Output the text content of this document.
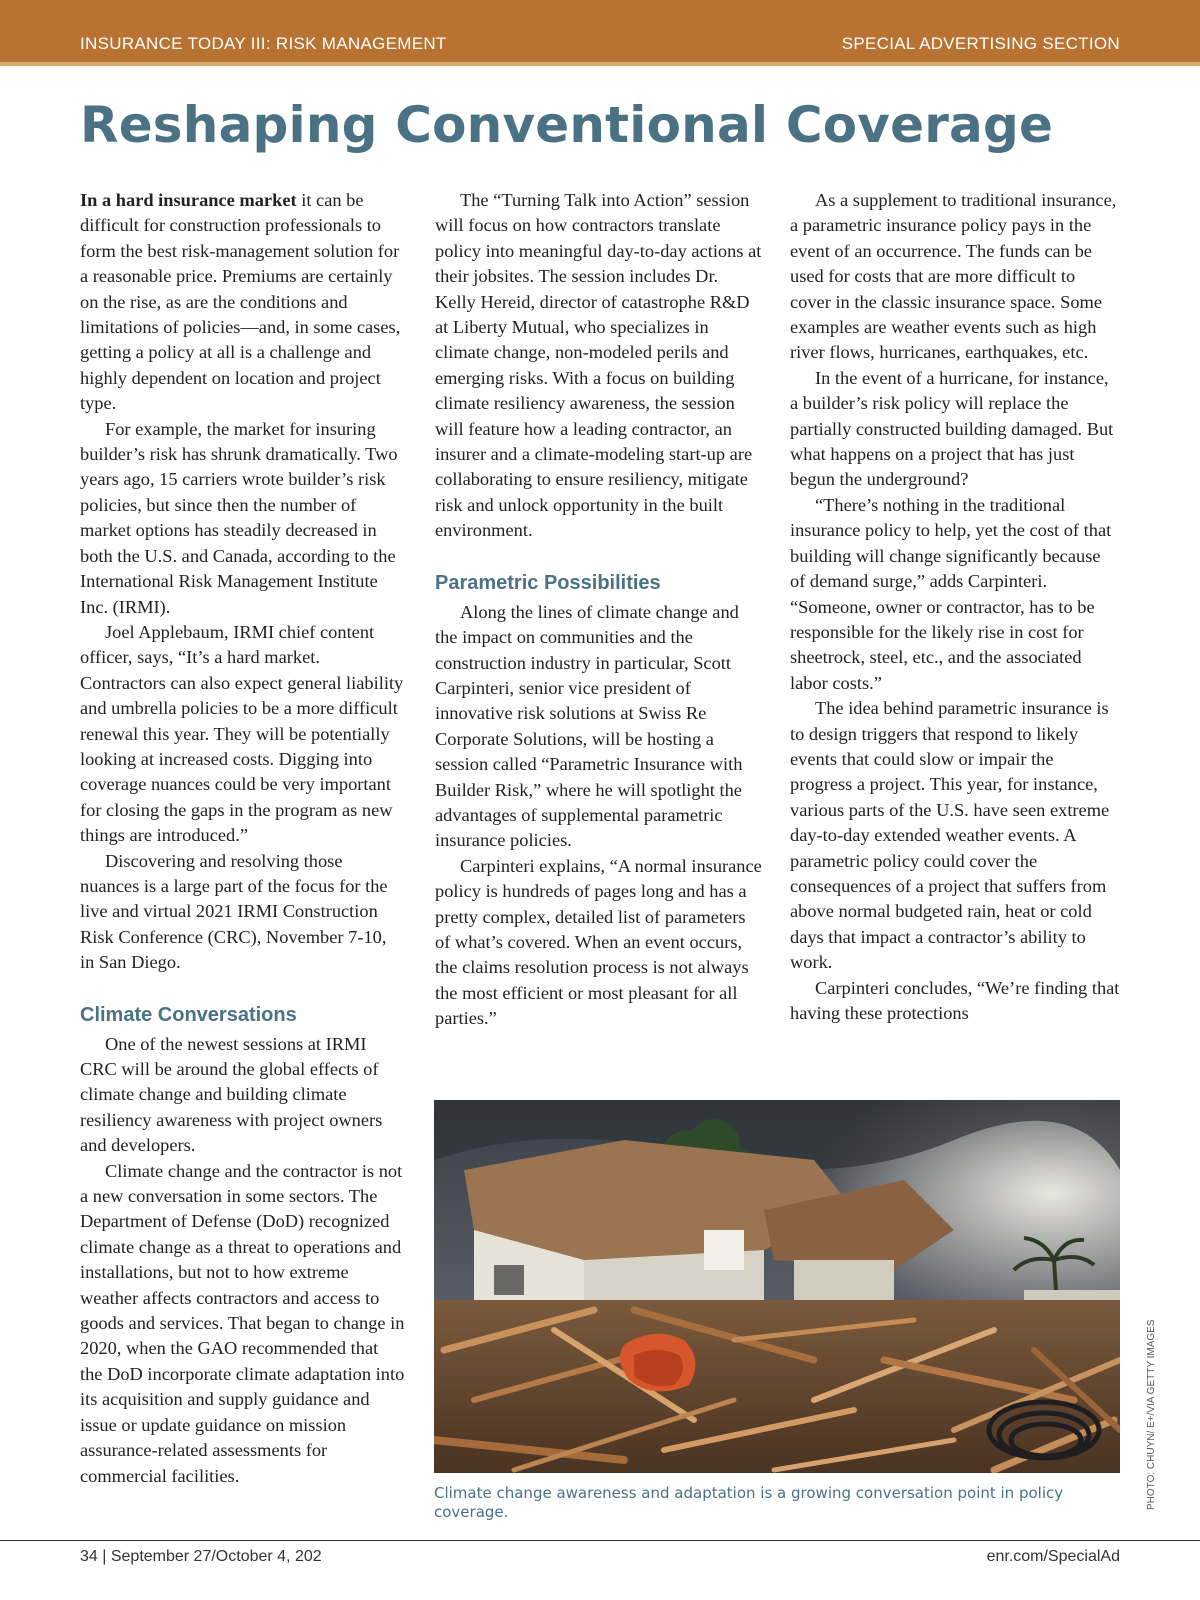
INSURANCE TODAY III: RISK MANAGEMENT	SPECIAL ADVERTISING SECTION
Reshaping Conventional Coverage

In a hard insurance market it can be difficult for construction professionals to form the best risk-management solution for a reasonable price. Premiums are certainly on the rise, as are the conditions and limitations of policies—and, in some cases, getting a policy at all is a challenge and highly dependent on location and project type.

For example, the market for insuring builder’s risk has shrunk dramatically. Two years ago, 15 carriers wrote builder’s risk policies, but since then the number of market options has steadily decreased in both the U.S. and Canada, according to the International Risk Management Institute Inc. (IRMI).

Joel Applebaum, IRMI chief content officer, says, “It’s a hard market. Contractors can also expect general liability and umbrella policies to be a more difficult renewal this year. They will be potentially looking at increased costs. Digging into coverage nuances could be very important for closing the gaps in the program as new things are introduced.”

Discovering and resolving those nuances is a large part of the focus for the live and virtual 2021 IRMI Construction Risk Conference (CRC), November 7-10, in San Diego.

Climate Conversations

One of the newest sessions at IRMI CRC will be around the global effects of climate change and building climate resiliency awareness with project owners and developers.

Climate change and the contractor is not a new conversation in some sectors. The Department of Defense (DoD) recognized climate change as a threat to operations and installations, but not to how extreme weather affects contractors and access to goods and services. That began to change in 2020, when the GAO recommended that the DoD incorporate climate adaptation into its acquisition and supply guidance and issue or update guidance on mission assurance-related assessments for commercial facilities.

The “Turning Talk into Action” session will focus on how contractors translate policy into meaningful day-to-day actions at their jobsites. The session includes Dr. Kelly Hereid, director of catastrophe R&D at Liberty Mutual, who specializes in climate change, non-modeled perils and emerging risks. With a focus on building climate resiliency awareness, the session will feature how a leading contractor, an insurer and a climate-modeling start-up are collaborating to ensure resiliency, mitigate risk and unlock opportunity in the built environment.

Parametric Possibilities

Along the lines of climate change and the impact on communities and the construction industry in particular, Scott Carpinteri, senior vice president of innovative risk solutions at Swiss Re Corporate Solutions, will be hosting a session called “Parametric Insurance with Builder Risk,” where he will spotlight the advantages of supplemental parametric insurance policies.

Carpinteri explains, “A normal insurance policy is hundreds of pages long and has a pretty complex, detailed list of parameters of what’s covered. When an event occurs, the claims resolution process is not always the most efficient or most pleasant for all parties.”

As a supplement to traditional insurance, a parametric insurance policy pays in the event of an occurrence. The funds can be used for costs that are more difficult to cover in the classic insurance space. Some examples are weather events such as high river flows, hurricanes, earthquakes, etc.

In the event of a hurricane, for instance, a builder’s risk policy will replace the partially constructed building damaged. But what happens on a project that has just begun the underground?

“There’s nothing in the traditional insurance policy to help, yet the cost of that building will change significantly because of demand surge,” adds Carpinteri. “Someone, owner or contractor, has to be responsible for the likely rise in cost for sheetrock, steel, etc., and the associated labor costs.”

The idea behind parametric insurance is to design triggers that respond to likely events that could slow or impair the progress a project. This year, for instance, various parts of the U.S. have seen extreme day-to-day extended weather events. A parametric policy could cover the consequences of a project that suffers from above normal budgeted rain, heat or cold days that impact a contractor’s ability to work.

Carpinteri concludes, “We’re finding that having these protections

Climate change awareness and adaptation is a growing conversation point in policy coverage.
PHOTO: CHUYN/ E+/VIA GETTY IMAGES
34 | September 27/October 4, 202	enr.com/SpecialAd
